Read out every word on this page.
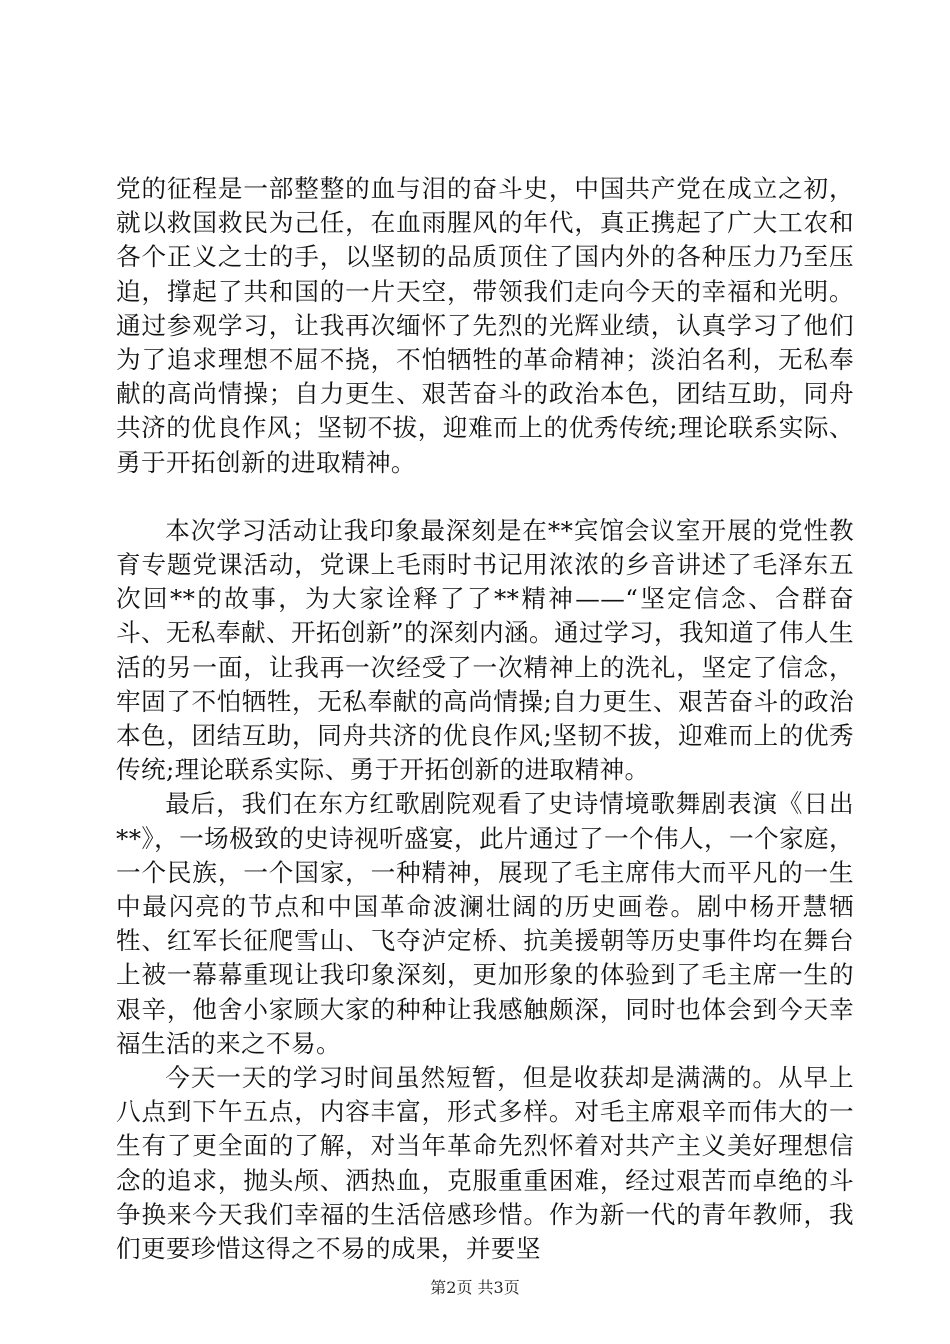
党的征程是一部整整的血与泪的奋斗史，中国共产党在成立之初，就以救国救民为己任，在血雨腥风的年代，真正携起了广大工农和各个正义之士的手，以坚韧的品质顶住了国内外的各种压力乃至压迫，撑起了共和国的一片天空，带领我们走向今天的幸福和光明。通过参观学习，让我再次缅怀了先烈的光辉业绩，认真学习了他们为了追求理想不屈不挠，不怕牺牲的革命精神；淡泊名利，无私奉献的高尚情操；自力更生、艰苦奋斗的政治本色，团结互助，同舟共济的优良作风；坚韧不拔，迎难而上的优秀传统;理论联系实际、勇于开拓创新的进取精神。

本次学习活动让我印象最深刻是在**宾馆会议室开展的党性教育专题党课活动，党课上毛雨时书记用浓浓的乡音讲述了毛泽东五次回**的故事，为大家诠释了了**精神——“坚定信念、合群奋斗、无私奉献、开拓创新”的深刻内涵。通过学习，我知道了伟人生活的另一面，让我再一次经受了一次精神上的洗礼，坚定了信念，牢固了不怕牺牲，无私奉献的高尚情操;自力更生、艰苦奋斗的政治本色，团结互助，同舟共济的优良作风;坚韧不拔，迎难而上的优秀传统;理论联系实际、勇于开拓创新的进取精神。

最后，我们在东方红歌剧院观看了史诗情境歌舞剧表演《日出**》，一场极致的史诗视听盛宴，此片通过了一个伟人，一个家庭，一个民族，一个国家，一种精神，展现了毛主席伟大而平凡的一生中最闪亮的节点和中国革命波澜壮阔的历史画卷。剧中杨开慧牺牲、红军长征爬雪山、飞夺泸定桥、抗美援朝等历史事件均在舞台上被一幕幕重现让我印象深刻，更加形象的体验到了毛主席一生的艰辛，他舍小家顾大家的种种让我感触颇深，同时也体会到今天幸福生活的来之不易。

今天一天的学习时间虽然短暂，但是收获却是满满的。从早上八点到下午五点，内容丰富，形式多样。对毛主席艰辛而伟大的一生有了更全面的了解，对当年革命先烈怀着对共产主义美好理想信念的追求，抛头颅、洒热血，克服重重困难，经过艰苦而卓绝的斗争换来今天我们幸福的生活倍感珍惜。作为新一代的青年教师，我们更要珍惜这得之不易的成果，并要坚

第2页 共3页
